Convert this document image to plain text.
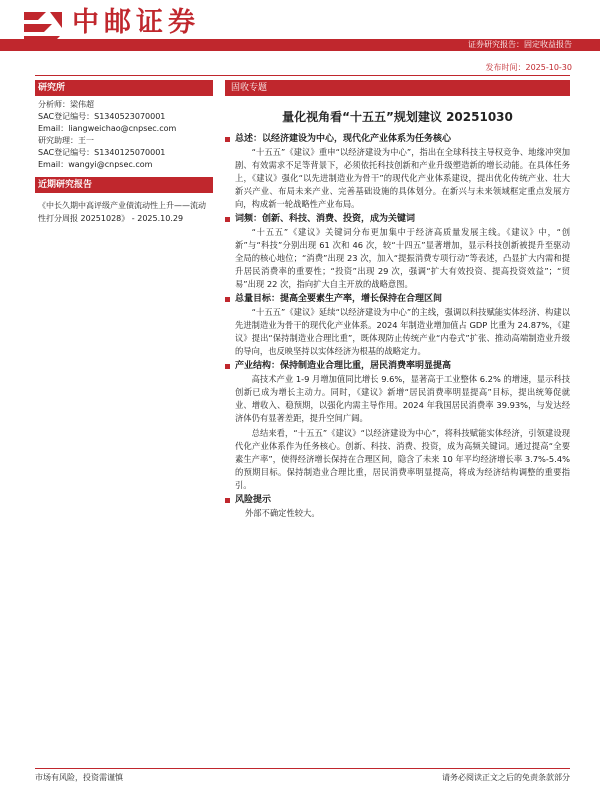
中邮证券
证券研究报告：固定收益报告
发布时间：2025-10-30
研究所
分析师：梁伟超
SAC登记编号：S1340523070001
Email：liangweichao@cnpsec.com
研究助理：王一
SAC登记编号：S1340125070001
Email：wangyi@cnpsec.com
近期研究报告
《中长久期中高评级产业债流动性上升——流动性打分周报 20251028》 - 2025.10.29
固收专题
量化视角看“十五五”规划建议 20251030
总述：以经济建设为中心，现代化产业体系为任务核心

“十五五”《建议》重申“以经济建设为中心”，指出在全球科技主导权竞争、地缘冲突加剧、有效需求不足等背景下，必须依托科技创新和产业升级塑造新的增长动能。在具体任务上，《建议》强化“以先进制造业为骨干”的现代化产业体系建设，提出优化传统产业、壮大新兴产业、布局未来产业、完善基础设施的具体划分。在新兴与未来领域框定重点发展方向，构成新一轮战略性产业布局。

词频：创新、科技、消费、投资，成为关键词

“十五五”《建议》关键词分布更加集中于经济高质量发展主线。《建议》中，“创新”与“科技”分别出现 61 次和 46 次，较“十四五”显著增加，显示科技创新被提升至驱动全局的核心地位；“消费”出现 23 次，加入“提振消费专项行动”等表述，凸显扩大内需和提升居民消费率的重要性；“投资”出现 29 次，强调“扩大有效投资、提高投资效益”；“贸易”出现 22 次，指向扩大自主开放的战略意图。

总量目标：提高全要素生产率，增长保持在合理区间

“十五五”《建议》延续“以经济建设为中心”的主线，强调以科技赋能实体经济、构建以先进制造业为骨干的现代化产业体系。2024 年制造业增加值占 GDP 比重为 24.87%，《建议》提出“保持制造业合理比重”，既体现防止传统产业“内卷式”扩张、推动高端制造业升级的导向，也反映坚持以实体经济为根基的战略定力。

产业结构：保持制造业合理比重，居民消费率明显提高

高技术产业 1-9 月增加值同比增长 9.6%，显著高于工业整体 6.2% 的增速，显示科技创新已成为增长主动力。同时，《建议》新增“居民消费率明显提高”目标，提出统筹促就业、增收入、稳预期，以强化内需主导作用。2024 年我国居民消费率 39.93%，与发达经济体仍有显著差距，提升空间广阔。

总结来看，“十五五”《建议》“以经济建设为中心”，将科技赋能实体经济，引领建设现代化产业体系作为任务核心。创新、科技、消费、投资，成为高频关键词。通过提高“全要素生产率”，使得经济增长保持在合理区间，隐含了未来 10 年平均经济增长率 3.7%-5.4% 的预期目标。保持制造业合理比重，居民消费率明显提高，将成为经济结构调整的重要指引。

风险提示

外部不确定性较大。

市场有风险，投资需谨慎	请务必阅读正文之后的免责条款部分
